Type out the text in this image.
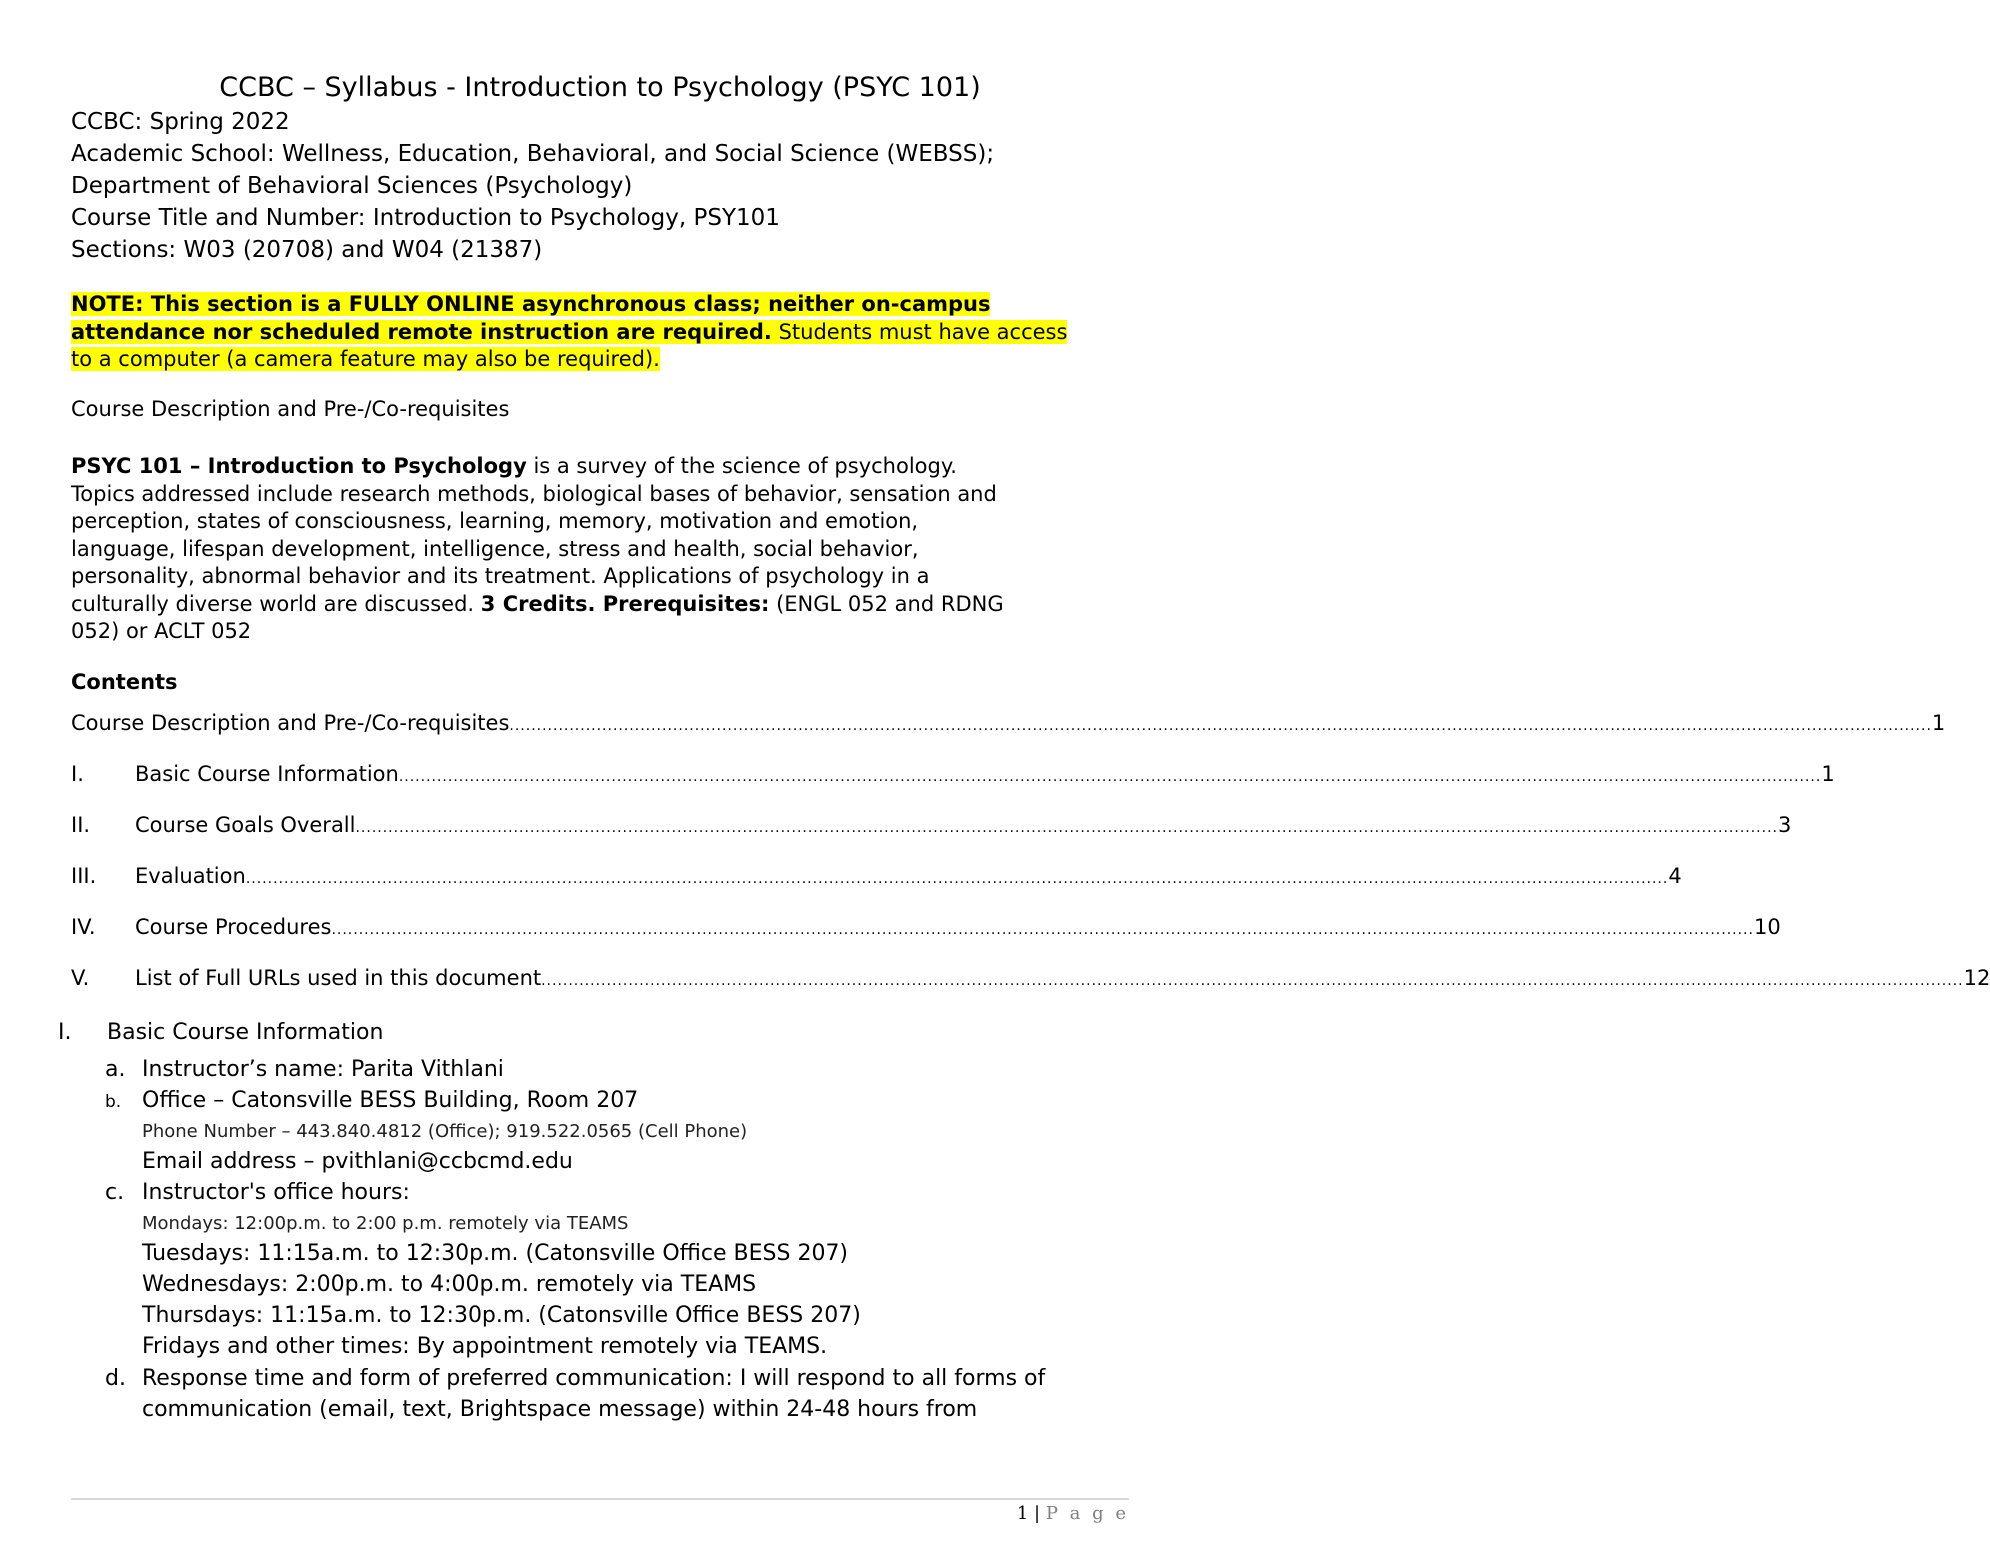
CCBC – Syllabus - Introduction to Psychology (PSYC 101)
CCBC: Spring 2022
Academic School: Wellness, Education, Behavioral, and Social Science (WEBSS);
Department of Behavioral Sciences (Psychology)
Course Title and Number: Introduction to Psychology, PSY101
Sections: W03 (20708) and W04 (21387)
NOTE: This section is a FULLY ONLINE asynchronous class; neither on-campus
attendance nor scheduled remote instruction are required. Students must have access
to a computer (a camera feature may also be required).
Course Description and Pre-/Co-requisites
PSYC 101 – Introduction to Psychology is a survey of the science of psychology.
Topics addressed include research methods, biological bases of behavior, sensation and
perception, states of consciousness, learning, memory, motivation and emotion,
language, lifespan development, intelligence, stress and health, social behavior,
personality, abnormal behavior and its treatment. Applications of psychology in a
culturally diverse world are discussed. 3 Credits. Prerequisites: (ENGL 052 and RDNG
052) or ACLT 052
Contents
Course Description and Pre-/Co-requisites ..................................................................................................................................................................................................................................................................... 1
I.	Basic Course Information ..................................................................................................................................................................................................................................................................... 1
II.	Course Goals Overall ..................................................................................................................................................................................................................................................................... 3
III.	Evaluation ..................................................................................................................................................................................................................................................................... 4
IV.	Course Procedures ..................................................................................................................................................................................................................................................................... 10
V.	List of Full URLs used in this document ..................................................................................................................................................................................................................................................................... 12
I. Basic Course Information
a. Instructor’s name: Parita Vithlani
b. Office – Catonsville BESS Building, Room 207
Phone Number – 443.840.4812 (Office); 919.522.0565 (Cell Phone)
Email address – pvithlani@ccbcmd.edu
c. Instructor's office hours:
Mondays: 12:00p.m. to 2:00 p.m. remotely via TEAMS
Tuesdays: 11:15a.m. to 12:30p.m. (Catonsville Office BESS 207)
Wednesdays: 2:00p.m. to 4:00p.m. remotely via TEAMS
Thursdays: 11:15a.m. to 12:30p.m. (Catonsville Office BESS 207)
Fridays and other times: By appointment remotely via TEAMS.
d. Response time and form of preferred communication: I will respond to all forms of
communication (email, text, Brightspace message) within 24-48 hours from
1 | P a g e
